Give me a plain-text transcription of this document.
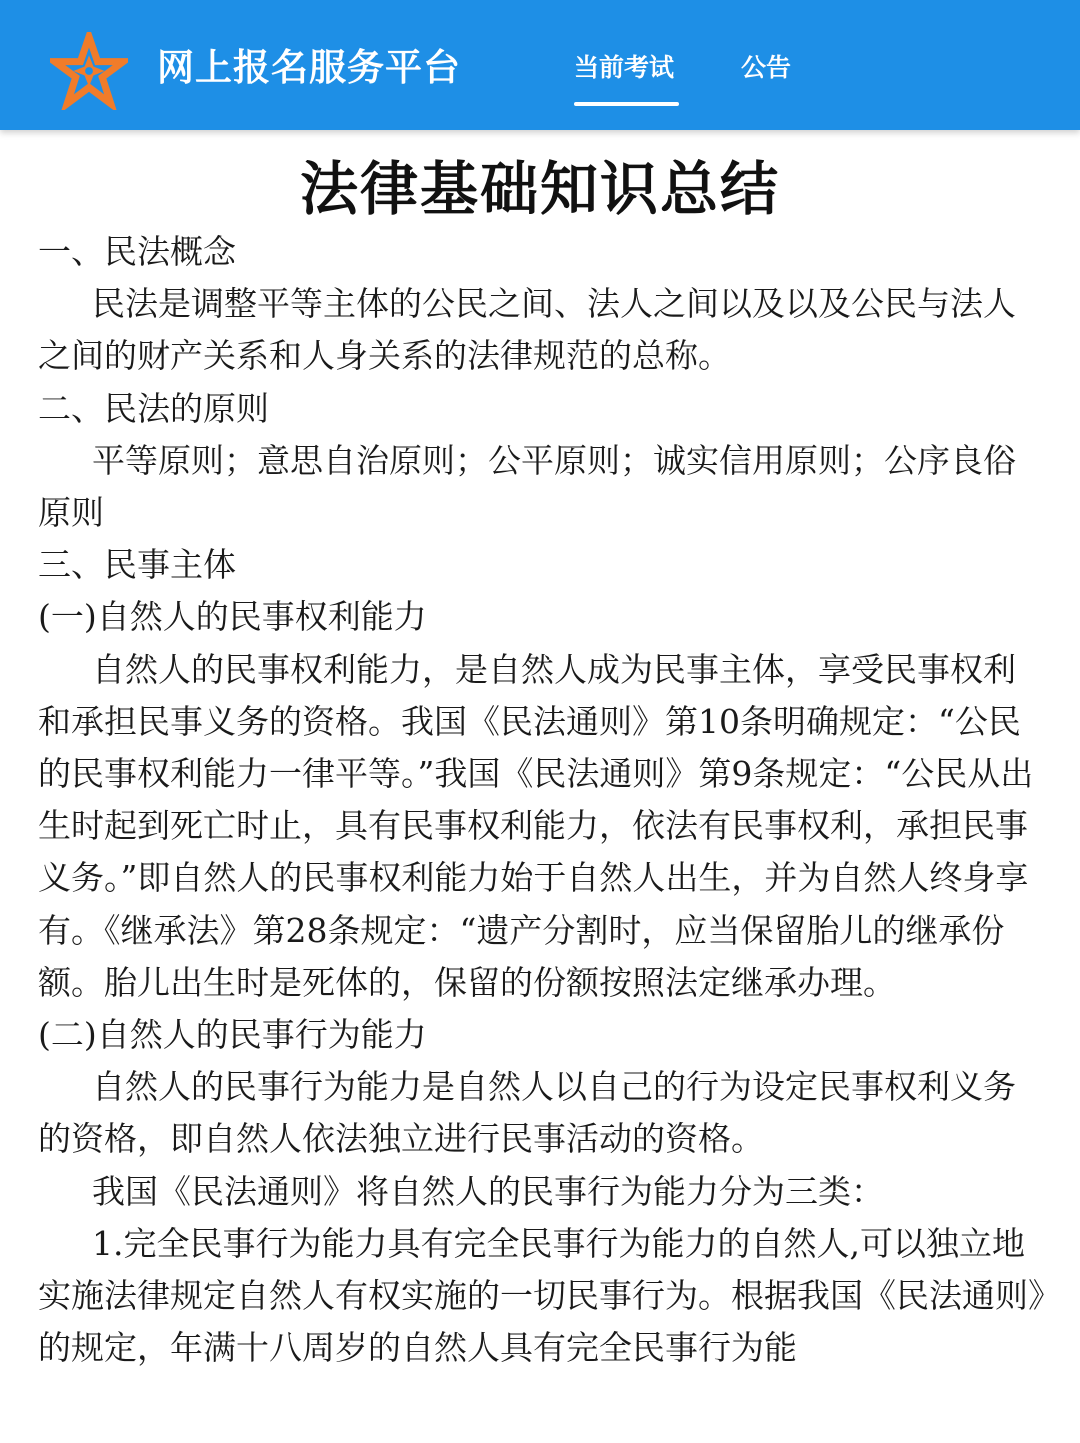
网上报名服务平台	当前考试	公告
法律基础知识总结

一、民法概念

民法是调整平等主体的公民之间、法人之间以及以及公民与法人之间的财产关系和人身关系的法律规范的总称。

二、民法的原则

平等原则；意思自治原则；公平原则；诚实信用原则；公序良俗原则

三、民事主体

(一)自然人的民事权利能力

自然人的民事权利能力，是自然人成为民事主体，享受民事权利和承担民事义务的资格。我国《民法通则》第10条明确规定：“公民的民事权利能力一律平等。”我国《民法通则》第9条规定：“公民从出生时起到死亡时止，具有民事权利能力，依法有民事权利，承担民事义务。”即自然人的民事权利能力始于自然人出生，并为自然人终身享有。《继承法》第28条规定：“遗产分割时，应当保留胎儿的继承份额。胎儿出生时是死体的，保留的份额按照法定继承办理。

(二)自然人的民事行为能力

自然人的民事行为能力是自然人以自己的行为设定民事权利义务的资格，即自然人依法独立进行民事活动的资格。

我国《民法通则》将自然人的民事行为能力分为三类：

1.完全民事行为能力具有完全民事行为能力的自然人,可以独立地实施法律规定自然人有权实施的一切民事行为。根据我国《民法通则》的规定，年满十八周岁的自然人具有完全民事行为能
